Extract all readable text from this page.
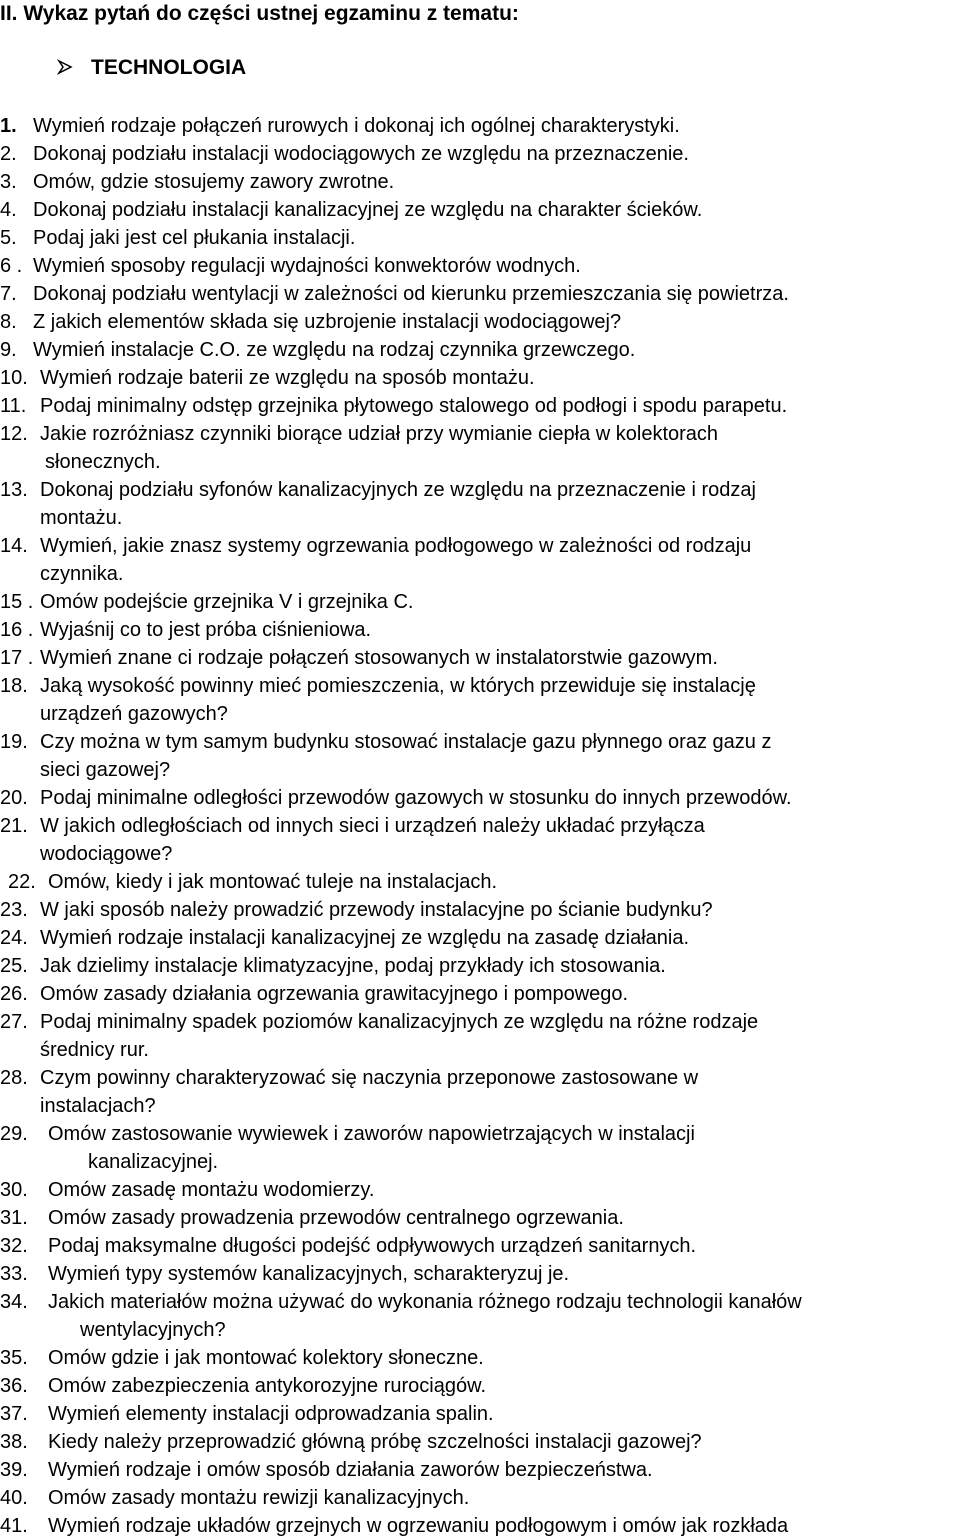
II. Wykaz pytań do części ustnej egzaminu z tematu:
TECHNOLOGIA
1. Wymień rodzaje połączeń rurowych i dokonaj ich ogólnej charakterystyki.
2. Dokonaj podziału instalacji wodociągowych ze względu na przeznaczenie.
3. Omów, gdzie stosujemy zawory zwrotne.
4. Dokonaj podziału instalacji kanalizacyjnej ze względu na charakter ścieków.
5. Podaj jaki jest cel płukania instalacji.
6 . Wymień sposoby regulacji wydajności konwektorów wodnych.
7. Dokonaj podziału wentylacji w zależności od kierunku przemieszczania się powietrza.
8. Z jakich elementów składa się uzbrojenie instalacji wodociągowej?
9. Wymień instalacje C.O. ze względu na rodzaj czynnika grzewczego.
10. Wymień rodzaje baterii ze względu na sposób montażu.
11. Podaj minimalny odstęp grzejnika płytowego stalowego od podłogi i spodu parapetu.
12. Jakie rozróżniasz czynniki biorące udział przy wymianie ciepła w kolektorach
słonecznych.
13. Dokonaj podziału syfonów kanalizacyjnych ze względu na przeznaczenie i rodzaj
montażu.
14. Wymień, jakie znasz systemy ogrzewania podłogowego w zależności od rodzaju
czynnika.
15 . Omów podejście grzejnika V i grzejnika C.
16 . Wyjaśnij co to jest próba ciśnieniowa.
17 . Wymień znane ci rodzaje połączeń stosowanych w instalatorstwie gazowym.
18. Jaką wysokość powinny mieć pomieszczenia, w których przewiduje się instalację
urządzeń gazowych?
19. Czy można w tym samym budynku stosować instalacje gazu płynnego oraz gazu z
sieci gazowej?
20. Podaj minimalne odległości przewodów gazowych w stosunku do innych przewodów.
21. W jakich odległościach od innych sieci i urządzeń należy układać przyłącza
wodociągowe?
22. Omów, kiedy i jak montować tuleje na instalacjach.
23. W jaki sposób należy prowadzić przewody instalacyjne po ścianie budynku?
24. Wymień rodzaje instalacji kanalizacyjnej ze względu na zasadę działania.
25. Jak dzielimy instalacje klimatyzacyjne, podaj przykłady ich stosowania.
26. Omów zasady działania ogrzewania grawitacyjnego i pompowego.
27. Podaj minimalny spadek poziomów kanalizacyjnych ze względu na różne rodzaje
średnicy rur.
28. Czym powinny charakteryzować się naczynia przeponowe zastosowane w
instalacjach?
29. Omów zastosowanie wywiewek i zaworów napowietrzających w instalacji
kanalizacyjnej.
30. Omów zasadę montażu wodomierzy.
31. Omów zasady prowadzenia przewodów centralnego ogrzewania.
32. Podaj maksymalne długości podejść odpływowych urządzeń sanitarnych.
33. Wymień typy systemów kanalizacyjnych, scharakteryzuj je.
34. Jakich materiałów można używać do wykonania różnego rodzaju technologii kanałów
wentylacyjnych?
35. Omów gdzie i jak montować kolektory słoneczne.
36. Omów zabezpieczenia antykorozyjne rurociągów.
37. Wymień elementy instalacji odprowadzania spalin.
38. Kiedy należy przeprowadzić główną próbę szczelności instalacji gazowej?
39. Wymień rodzaje i omów sposób działania zaworów bezpieczeństwa.
40. Omów zasady montażu rewizji kanalizacyjnych.
41. Wymień rodzaje układów grzejnych w ogrzewaniu podłogowym i omów jak rozkłada
